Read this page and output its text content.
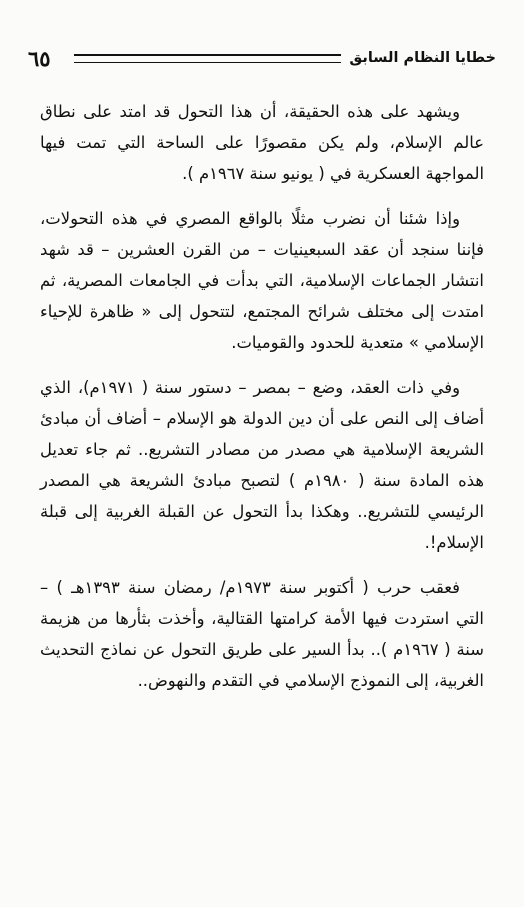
٦٥	خطايا النظام السابق

ويشهد على هذه الحقيقة، أن هذا التحول قد امتد على نطاق عالم الإسلام، ولم يكن مقصورًا على الساحة التي تمت فيها المواجهة العسكرية في ( يونيو سنة ١٩٦٧م ).

وإذا شئنا أن نضرب مثلًا بالواقع المصري في هذه التحولات، فإننا سنجد أن عقد السبعينيات – من القرن العشرين – قد شهد انتشار الجماعات الإسلامية، التي بدأت في الجامعات المصرية، ثم امتدت إلى مختلف شرائح المجتمع، لتتحول إلى « ظاهرة للإحياء الإسلامي » متعدية للحدود والقوميات.

وفي ذات العقد، وضع – بمصر – دستور سنة ( ١٩٧١م)، الذي أضاف إلى النص على أن دين الدولة هو الإسلام – أضاف أن مبادئ الشريعة الإسلامية هي مصدر من مصادر التشريع.. ثم جاء تعديل هذه المادة سنة ( ١٩٨٠م ) لتصبح مبادئ الشريعة هي المصدر الرئيسي للتشريع.. وهكذا بدأ التحول عن القبلة الغربية إلى قبلة الإسلام!.

فعقب حرب ( أكتوبر سنة ١٩٧٣م/ رمضان سنة ١٣٩٣هـ ) – التي استردت فيها الأمة كرامتها القتالية، وأخذت بثأرها من هزيمة سنة ( ١٩٦٧م ).. بدأ السير على طريق التحول عن نماذج التحديث الغربية، إلى النموذج الإسلامي في التقدم والنهوض..
